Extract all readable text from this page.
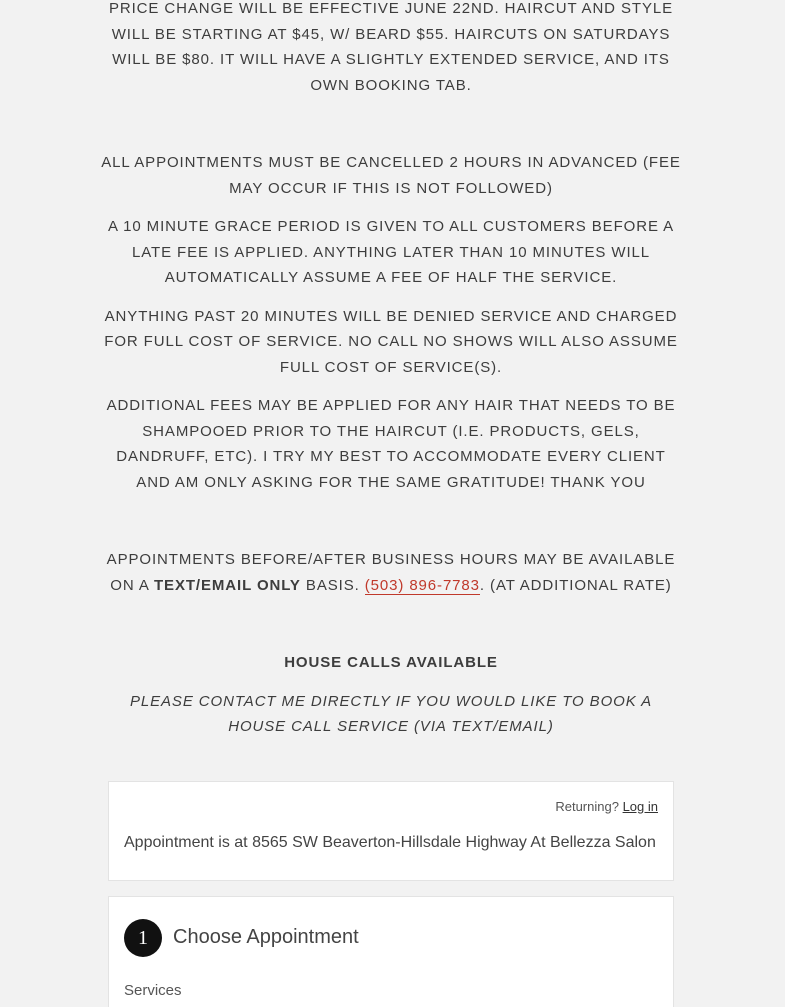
PRICE CHANGE WILL BE EFFECTIVE JUNE 22ND. HAIRCUT AND STYLE WILL BE STARTING AT $45, W/ BEARD $55. HAIRCUTS ON SATURDAYS WILL BE $80. IT WILL HAVE A SLIGHTLY EXTENDED SERVICE, AND ITS OWN BOOKING TAB.

ALL APPOINTMENTS MUST BE CANCELLED 2 HOURS IN ADVANCED (FEE MAY OCCUR IF THIS IS NOT FOLLOWED)

A 10 MINUTE GRACE PERIOD IS GIVEN TO ALL CUSTOMERS BEFORE A LATE FEE IS APPLIED. ANYTHING LATER THAN 10 MINUTES WILL AUTOMATICALLY ASSUME A FEE OF HALF THE SERVICE.

ANYTHING PAST 20 MINUTES WILL BE DENIED SERVICE AND CHARGED FOR FULL COST OF SERVICE. NO CALL NO SHOWS WILL ALSO ASSUME FULL COST OF SERVICE(S).

ADDITIONAL FEES MAY BE APPLIED FOR ANY HAIR THAT NEEDS TO BE SHAMPOOED PRIOR TO THE HAIRCUT (I.E. PRODUCTS, GELS, DANDRUFF, ETC). I TRY MY BEST TO ACCOMMODATE EVERY CLIENT AND AM ONLY ASKING FOR THE SAME GRATITUDE! THANK YOU

APPOINTMENTS BEFORE/AFTER BUSINESS HOURS MAY BE AVAILABLE ON A TEXT/EMAIL ONLY BASIS. (503) 896-7783. (AT ADDITIONAL RATE)

HOUSE CALLS AVAILABLE

PLEASE CONTACT ME DIRECTLY IF YOU WOULD LIKE TO BOOK A HOUSE CALL SERVICE (VIA TEXT/EMAIL)

Returning? Log in
Appointment is at 8565 SW Beaverton-Hillsdale Highway At Bellezza Salon
1	Choose Appointment
Services
